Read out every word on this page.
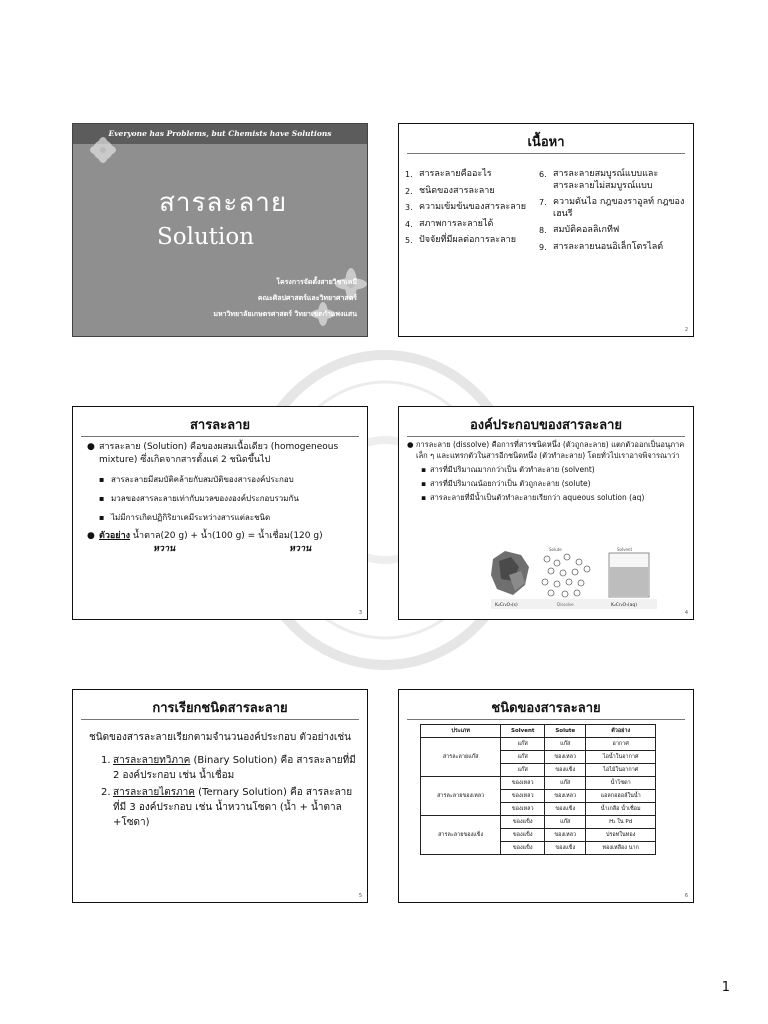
Everyone has Problems, but Chemists have Solutions
สารละลาย
Solution
โครงการจัดตั้งสายวิชาเคมี
คณะศิลปศาสตร์และวิทยาศาสตร์
มหาวิทยาลัยเกษตรศาสตร์ วิทยาเขตกำแพงแสน
เนื้อหา
1. สารละลายคืออะไร
2. ชนิดของสารละลาย
3. ความเข้มข้นของสารละลาย
4. สภาพการละลายได้
5. ปัจจัยที่มีผลต่อการละลาย
6. สารละลายสมบูรณ์แบบและสารละลายไม่สมบูรณ์แบบ
7. ความดันไอ กฎของราอูลท์ กฎของเฮนรี
8. สมบัติคอลลิเกทีฟ
9. สารละลายนอนอิเล็กโตรไลต์
2
สารละลาย
● สารละลาย (Solution) คือของผสมเนื้อเดียว (homogeneous mixture) ซึ่งเกิดจากสารตั้งแต่ 2 ชนิดขึ้นไป
▪ สารละลายมีสมบัติคล้ายกับสมบัติของสารองค์ประกอบ
▪ มวลของสารละลายเท่ากับมวลของงองค์ประกอบรวมกัน
▪ ไม่มีการเกิดปฏิกิริยาเคมีระหว่างสารแต่ละชนิด
● ตัวอย่าง น้ำตาล(20 g) + น้ำ(100 g) = น้ำเชื่อม(120 g)
หวาน	หวาน
3
องค์ประกอบของสารละลาย
● การละลาย (dissolve) คือการที่สารชนิดหนึ่ง (ตัวถูกละลาย) แตกตัวออกเป็นอนุภาคเล็ก ๆ และแทรกตัวในสารอีกชนิดหนึ่ง (ตัวทำละลาย) โดยทั่วไปเราอาจพิจารณาว่า
▪ สารที่มีปริมาณมากกว่าเป็น ตัวทำละลาย (solvent)
▪ สารที่มีปริมาณน้อยกว่าเป็น ตัวถูกละลาย (solute)
▪ สารละลายที่มีน้ำเป็นตัวทำละลายเรียกว่า aqueous solution (aq)
Solute	Solvent
K₂Cr₂O₇(s)	Dissolve	K₂Cr₂O₇(aq)
4
การเรียกชนิดสารละลาย
ชนิดของสารละลายเรียกตามจำนวนองค์ประกอบ ตัวอย่างเช่น
1. สารละลายทวิภาค (Binary Solution) คือ สารละลายที่มี 2 องค์ประกอบ เช่น น้ำเชื่อม
2. สารละลายไตรภาค (Ternary Solution) คือ สารละลายที่มี 3 องค์ประกอบ เช่น น้ำหวานโซดา (น้ำ + น้ำตาล +โซดา)
5
ชนิดของสารละลาย
ประเภท	Solvent	Solute	ตัวอย่าง
สารละลายแก๊ส	แก๊ส	แก๊ส	อากาศ
	แก๊ส	ของเหลว	ไอน้ำในอากาศ
	แก๊ส	ของแข็ง	ไอไม้ในอากาศ
สารละลายของเหลว	ของเหลว	แก๊ส	น้ำโซดา
	ของเหลว	ของเหลว	แอลกอฮอล์ในน้ำ
	ของเหลว	ของแข็ง	น้ำเกลือ น้ำเชื่อม
สารละลายของแข็ง	ของแข็ง	แก๊ส	H₂ ใน Pd
	ของแข็ง	ของเหลว	ปรอทในทอง
	ของแข็ง	ของแข็ง	ทองเหลือง นาก
6
1
